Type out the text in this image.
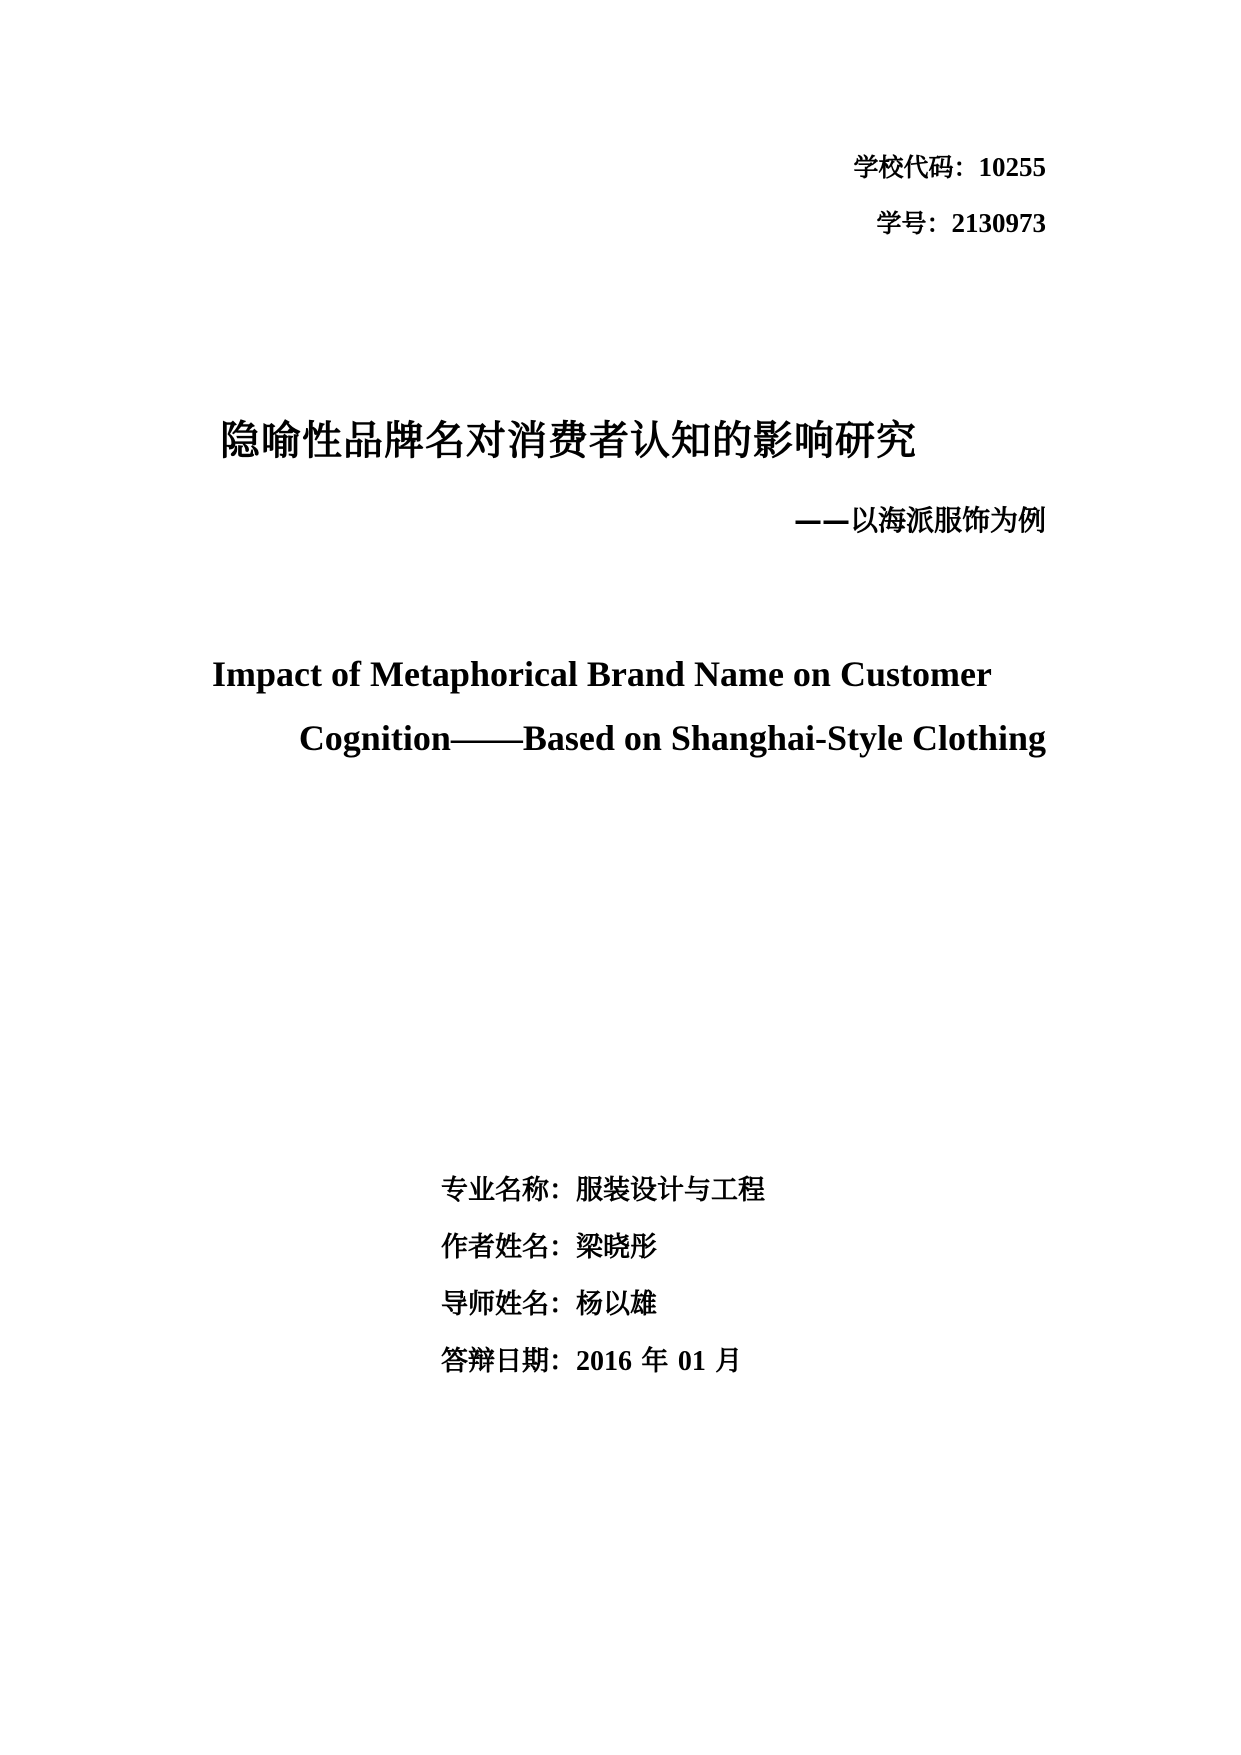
学校代码：10255
学号：2130973
隐喻性品牌名对消费者认知的影响研究
——以海派服饰为例
Impact of Metaphorical Brand Name on Customer
Cognition——Based on Shanghai-Style Clothing
专业名称：服装设计与工程
作者姓名：梁晓彤
导师姓名：杨以雄
答辩日期：2016 年 01 月
